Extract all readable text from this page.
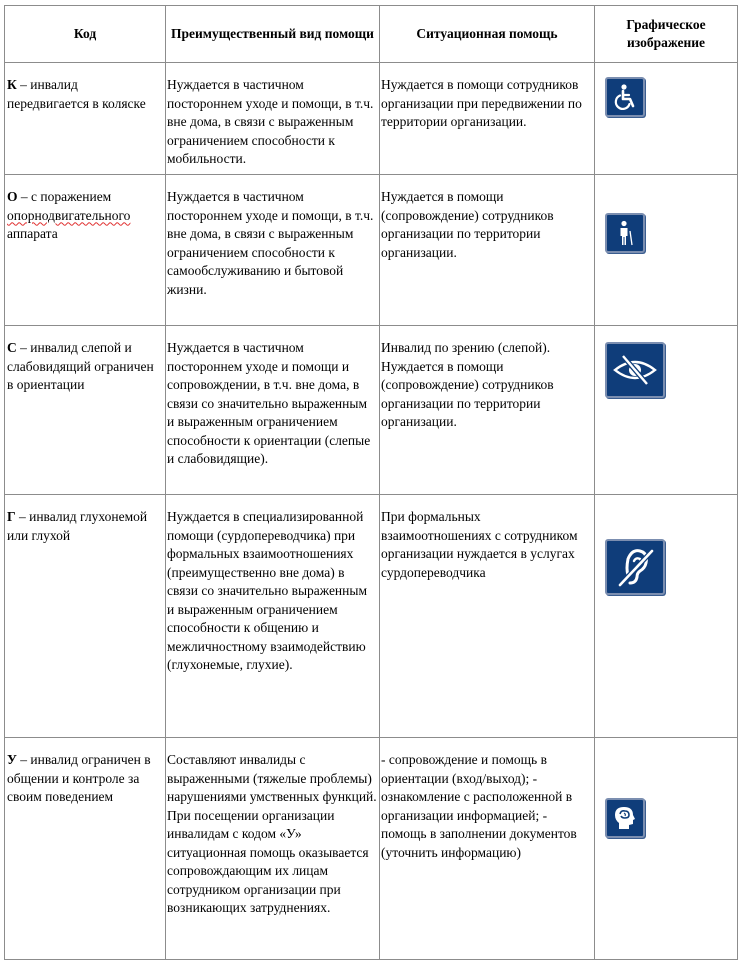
Код	Преимущественный вид помощи	Ситуационная помощь	Графическое изображение
К – инвалид передвигается в коляске	Нуждается в частичном постороннем уходе и помощи, в т.ч. вне дома, в связи с выраженным ограничением способности к мобильности.	Нуждается в помощи сотрудников организации при передвижении по территории организации.	

О – с поражением
опорнодвигательного
аппарата	Нуждается в частичном постороннем уходе и помощи, в т.ч. вне дома, в связи с выраженным ограничением способности к самообслуживанию и бытовой жизни.	Нуждается в помощи (сопровождение) сотрудников организации по территории организации.	

С – инвалид слепой и слабовидящий ограничен в ориентации	Нуждается в частичном постороннем уходе и помощи и сопровождении, в т.ч. вне дома, в связи со значительно выраженным и выраженным ограничением способности к ориентации (слепые и слабовидящие).	Инвалид по зрению (слепой). Нуждается в помощи (сопровождение) сотрудников организации по территории организации.	

Г – инвалид глухонемой или глухой	Нуждается в специализированной помощи (сурдопереводчика) при формальных взаимоотношениях (преимущественно вне дома) в связи со значительно выраженным и выраженным ограничением способности к общению и межличностному взаимодействию (глухонемые, глухие).	При формальных взаимоотношениях с сотрудником организации нуждается в услугах сурдопереводчика	

У – инвалид ограничен в общении и контроле за своим поведением	Составляют инвалиды с выраженными (тяжелые проблемы) нарушениями умственных функций. При посещении организации инвалидам с кодом «У» ситуационная помощь оказывается сопровождающим их лицам сотрудником организации при возникающих затруднениях.	- сопровождение и помощь в ориентации (вход/выход); - ознакомление с расположенной в организации информацией; - помощь в заполнении документов (уточнить информацию)	
